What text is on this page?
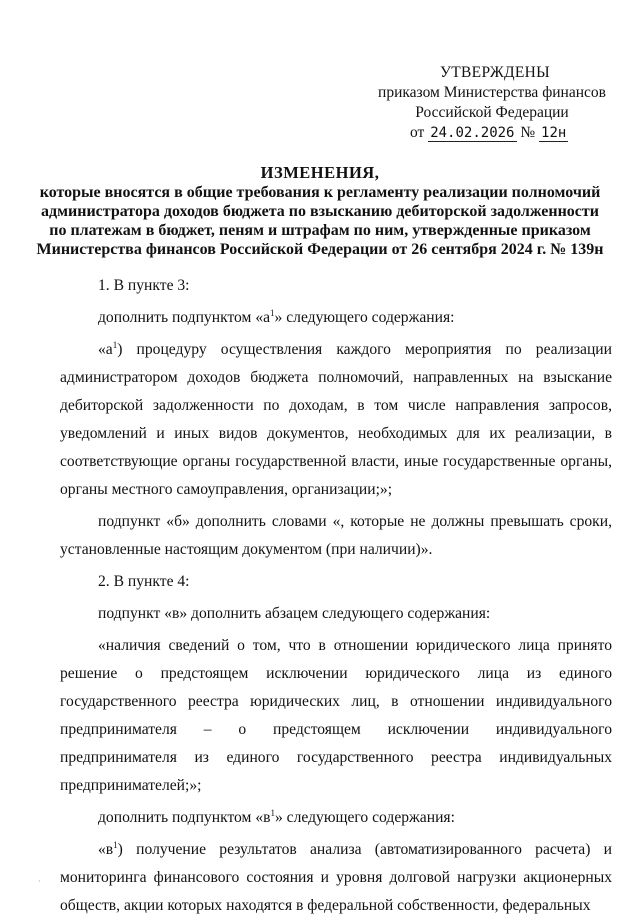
УТВЕРЖДЕНЫ
приказом Министерства финансов
Российской Федерации
от 24.02.2026 № 12н
ИЗМЕНЕНИЯ,
которые вносятся в общие требования к регламенту реализации полномочий
администратора доходов бюджета по взысканию дебиторской задолженности
по платежам в бюджет, пеням и штрафам по ним, утвержденные приказом
Министерства финансов Российской Федерации от 26 сентября 2024 г. № 139н

1. В пункте 3:

дополнить подпунктом «$а^1$» следующего содержания:

«$а^1$) процедуру осуществления каждого мероприятия по реализации администратором доходов бюджета полномочий, направленных на взыскание дебиторской задолженности по доходам, в том числе направления запросов, уведомлений и иных видов документов, необходимых для их реализации, в соответствующие органы государственной власти, иные государственные органы, органы местного самоуправления, организации;»;

подпункт «б» дополнить словами «, которые не должны превышать сроки, установленные настоящим документом (при наличии)».

2. В пункте 4:

подпункт «в» дополнить абзацем следующего содержания:

«наличия сведений о том, что в отношении юридического лица принято решение о предстоящем исключении юридического лица из единого государственного реестра юридических лиц, в отношении индивидуального предпринимателя – о предстоящем исключении индивидуального предпринимателя из единого государственного реестра индивидуальных предпринимателей;»;

дополнить подпунктом «$в^1$» следующего содержания:

«$в^1$) получение результатов анализа (автоматизированного расчета) и мониторинга финансового состояния и уровня долговой нагрузки акционерных обществ, акции которых находятся в федеральной собственности, федеральных

·
